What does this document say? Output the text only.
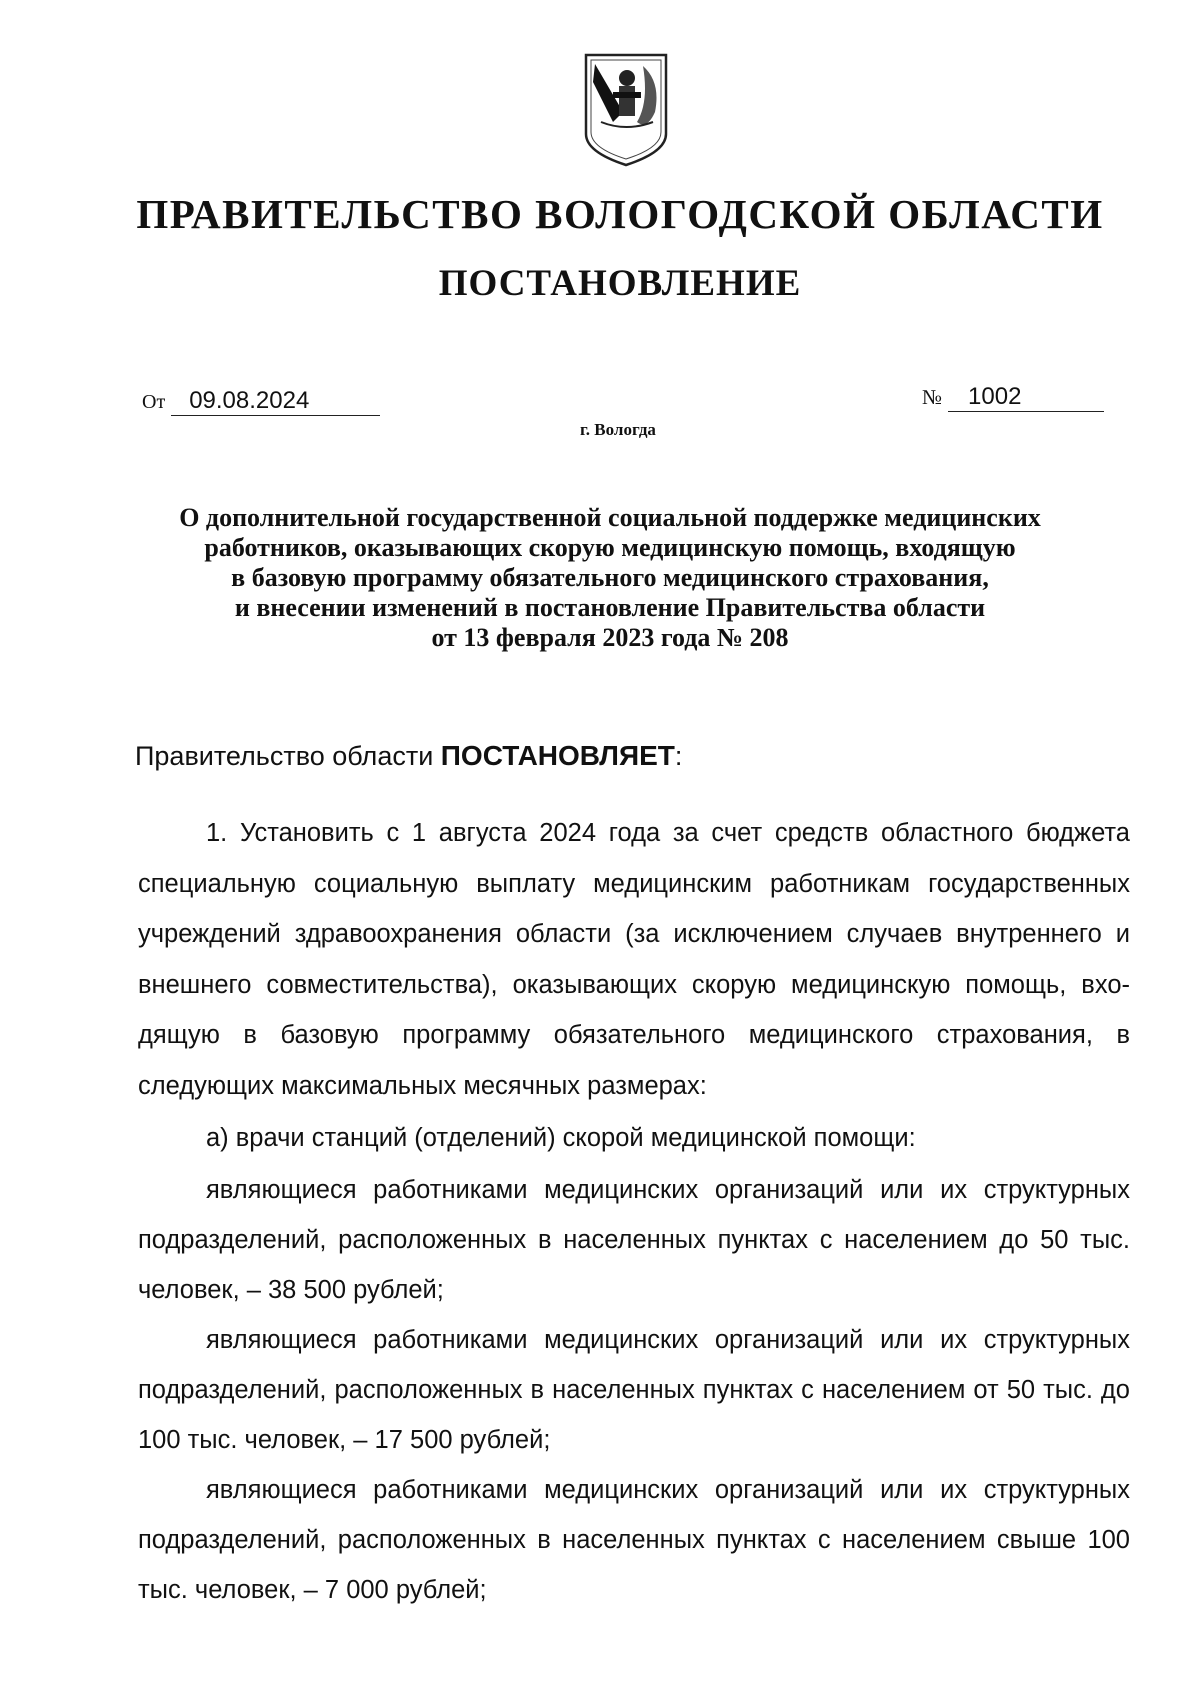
ПРАВИТЕЛЬСТВО ВОЛОГОДСКОЙ ОБЛАСТИ
ПОСТАНОВЛЕНИЕ
От 09.08.2024	№ 1002
г. Вологда
О дополнительной государственной социальной поддержке медицинских
работников, оказывающих скорую медицинскую помощь, входящую
в базовую программу обязательного медицинского страхования,
и внесении изменений в постановление Правительства области
от 13 февраля 2023 года № 208
Правительство области ПОСТАНОВЛЯЕТ:

1. Установить с 1 августа 2024 года за счет средств областного бюджета специальную социальную выплату медицинским работникам государственных учреждений здравоохранения области (за исключением случаев внутреннего и внешнего совместительства), оказывающих скорую медицинскую помощь, вхо-дящую в базовую программу обязательного медицинского страхования, в следующих максимальных месячных размерах:

а) врачи станций (отделений) скорой медицинской помощи:

являющиеся работниками медицинских организаций или их структурных подразделений, расположенных в населенных пунктах с населением до 50 тыс. человек, – 38 500 рублей;

являющиеся работниками медицинских организаций или их структурных подразделений, расположенных в населенных пунктах с населением от 50 тыс. до 100 тыс. человек, – 17 500 рублей;

являющиеся работниками медицинских организаций или их структурных подразделений, расположенных в населенных пунктах с населением свыше 100 тыс. человек, – 7 000 рублей;
